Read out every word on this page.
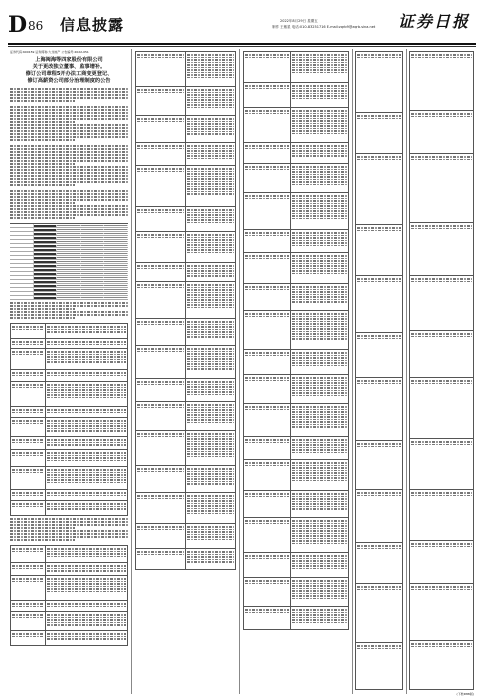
D 86 信息披露	2022年8月29日 星期五
制作 王敏星 电话:010-83251716 E-mail:zqrb9@zqrb.sina.net 证券日报
证券代码:600159 证券简称:大龙地产 公告编号:2022-051
上海闽海等四家股份有限公司
关于更改独立董事、监事增补。
修订公司章程5开办法工商变更登记、
修订高薪资公司部分治理制度的公告
(下转D88版)
